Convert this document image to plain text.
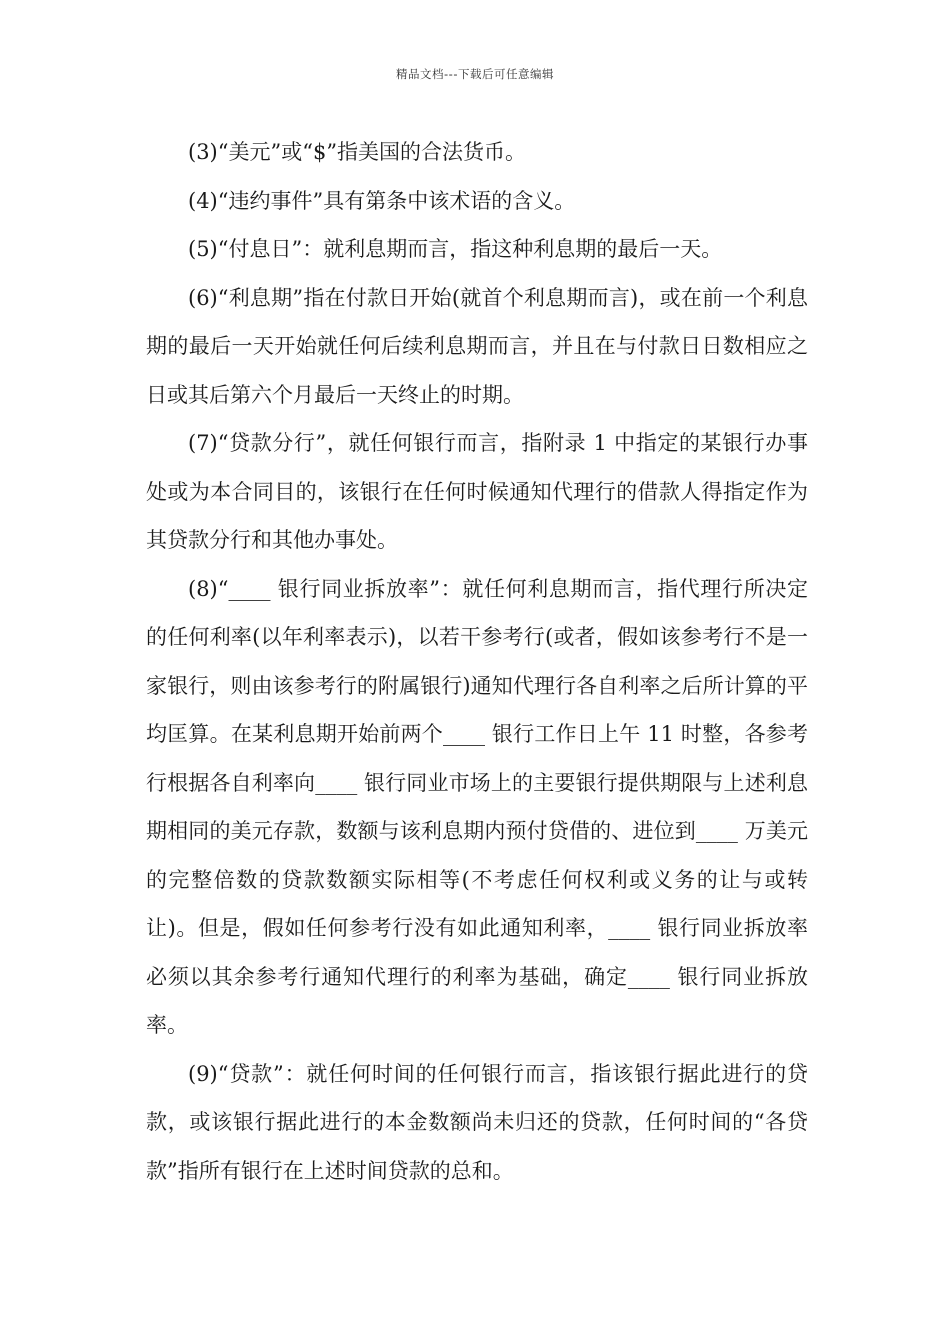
精品文档---下载后可任意编辑

(3)“美元”或“$”指美国的合法货币。

(4)“违约事件”具有第条中该术语的含义。

(5)“付息日”：就利息期而言，指这种利息期的最后一天。

(6)“利息期”指在付款日开始(就首个利息期而言)，或在前一个利息期的最后一天开始就任何后续利息期而言，并且在与付款日日数相应之日或其后第六个月最后一天终止的时期。

(7)“贷款分行”，就任何银行而言，指附录 1 中指定的某银行办事处或为本合同目的，该银行在任何时候通知代理行的借款人得指定作为其贷款分行和其他办事处。

(8)“____ 银行同业拆放率”：就任何利息期而言，指代理行所决定的任何利率(以年利率表示)，以若干参考行(或者，假如该参考行不是一家银行，则由该参考行的附属银行)通知代理行各自利率之后所计算的平均匡算。在某利息期开始前两个____ 银行工作日上午 11 时整，各参考行根据各自利率向____ 银行同业市场上的主要银行提供期限与上述利息期相同的美元存款，数额与该利息期内预付贷借的、进位到____ 万美元的完整倍数的贷款数额实际相等(不考虑任何权利或义务的让与或转让)。但是，假如任何参考行没有如此通知利率，____ 银行同业拆放率必须以其余参考行通知代理行的利率为基础，确定____ 银行同业拆放率。

(9)“贷款”：就任何时间的任何银行而言，指该银行据此进行的贷款，或该银行据此进行的本金数额尚未归还的贷款，任何时间的“各贷款”指所有银行在上述时间贷款的总和。
